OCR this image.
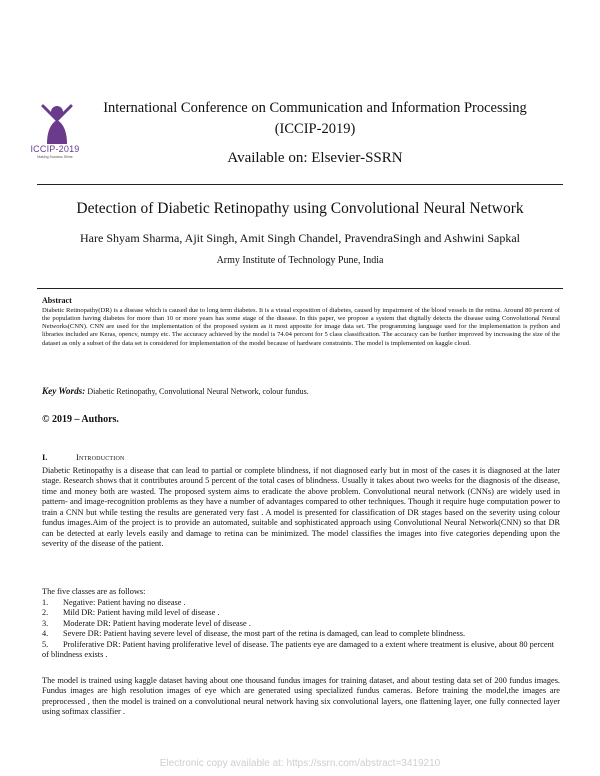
ICCIP-2019
Making Success Shine
International Conference on Communication and Information Processing
(ICCIP-2019)
Available on: Elsevier-SSRN
Detection of Diabetic Retinopathy using Convolutional Neural Network
Hare Shyam Sharma, Ajit Singh, Amit Singh Chandel, PravendraSingh and Ashwini Sapkal
Army Institute of Technology Pune, India
Abstract
Diabetic Retinopathy(DR) is a disease which is caused due to long term diabetes. It is a visual exposition of diabetes, caused by impairment of the blood vessels in the retina. Around 80 percent of the population having diabetes for more than 10 or more years has some stage of the disease. In this paper, we propose a system that digitally detects the disease using Convolutional Neural Networks(CNN). CNN are used for the implementation of the proposed system as it most apposite for image data set. The programming language used for the implementation is python and libraries included are Keras, opencv, numpy etc. The accuracy achieved by the model is 74.04 percent for 5 class classification. The accuracy can be further improved by increasing the size of the dataset as only a subset of the data set is considered for implementation of the model because of hardware constraints. The model is implemented on kaggle cloud.
Key Words: Diabetic Retinopathy, Convolutional Neural Network, colour fundus.
© 2019 – Authors.
I.	Introduction
Diabetic Retinopathy is a disease that can lead to partial or complete blindness, if not diagnosed early but in most of the cases it is diagnosed at the later stage. Research shows that it contributes around 5 percent of the total cases of blindness. Usually it takes about two weeks for the diagnosis of the disease, time and money both are wasted. The proposed system aims to eradicate the above problem. Convolutional neural network (CNNs) are widely used in pattern- and image-recognition problems as they have a number of advantages compared to other techniques. Though it require huge computation power to train a CNN but while testing the results are generated very fast . A model is presented for classification of DR stages based on the severity using colour fundus images.Aim of the project is to provide an automated, suitable and sophisticated approach using Convolutional Neural Network(CNN) so that DR can be detected at early levels easily and damage to retina can be minimized. The model classifies the images into five categories depending upon the severity of the disease of the patient.
The five classes are as follows:
1. Negative: Patient having no disease .
2. Mild DR: Patient having mild level of disease .
3. Moderate DR: Patient having moderate level of disease .
4. Severe DR: Patient having severe level of disease, the most part of the retina is damaged, can lead to complete blindness.
5. Proliferative DR: Patient having proliferative level of disease. The patients eye are damaged to a extent where treatment is elusive, about 80 percent of blindness exists .
The model is trained using kaggle dataset having about one thousand fundus images for training dataset, and about testing data set of 200 fundus images. Fundus images are high resolution images of eye which are generated using specialized fundus cameras. Before training the model,the images are preprocessed , then the model is trained on a convolutional neural network having six convolutional layers, one flattening layer, one fully connected layer using softmax classifier .
Electronic copy available at: https://ssrn.com/abstract=3419210
